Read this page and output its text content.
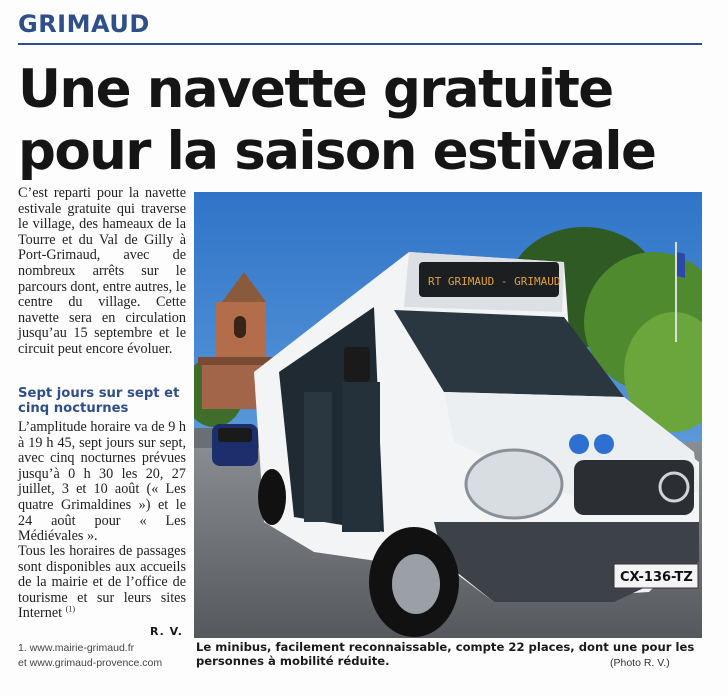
GRIMAUD
Une navette gratuite
pour la saison estivale
C’est reparti pour la navette estivale gratuite qui traverse le village, des hameaux de la Tourre et du Val de Gilly à Port-Grimaud, avec de nombreux arrêts sur le parcours dont, entre autres, le centre du village. Cette navette sera en circulation jusqu’au 15 septembre et le circuit peut encore évoluer.
Sept jours sur sept et cinq nocturnes
L’amplitude horaire va de 9 h à 19 h 45, sept jours sur sept, avec cinq nocturnes prévues jusqu’à 0 h 30 les 20, 27 juillet, 3 et 10 août (« Les quatre Grimaldines ») et le 24 août pour « Les Médiévales ».
Tous les horaires de passages sont disponibles aux accueils de la mairie et de l’office de tourisme et sur leurs sites Internet $^{(1)}$
R. V.
1. www.mairie-grimaud.fr
et www.grimaud-provence.com
RT GRIMAUD - GRIMAUD
CX-136-TZ
Le minibus, facilement reconnaissable, compte 22 places, dont une pour les personnes à mobilité réduite.	(Photo R. V.)
